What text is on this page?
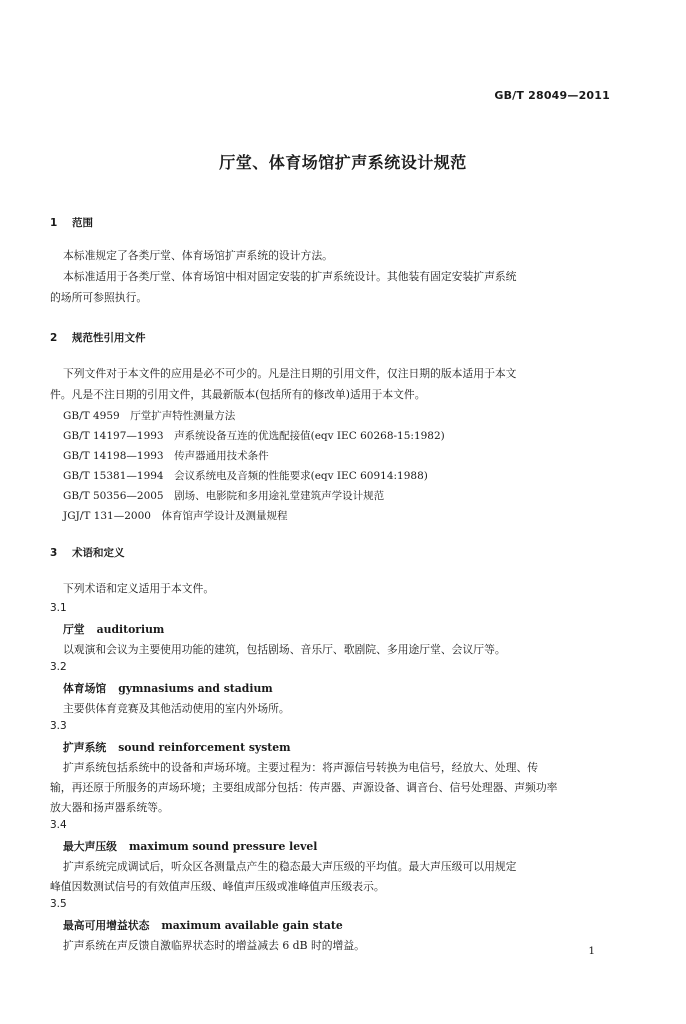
GB/T 28049—2011
厅堂、体育场馆扩声系统设计规范
1 范围
本标准规定了各类厅堂、体育场馆扩声系统的设计方法。
本标准适用于各类厅堂、体育场馆中相对固定安装的扩声系统设计。其他装有固定安装扩声系统
的场所可参照执行。
2 规范性引用文件
下列文件对于本文件的应用是必不可少的。凡是注日期的引用文件，仅注日期的版本适用于本文
件。凡是不注日期的引用文件，其最新版本(包括所有的修改单)适用于本文件。
GB/T 4959　厅堂扩声特性测量方法
GB/T 14197—1993　声系统设备互连的优选配接值(eqv IEC 60268-15:1982)
GB/T 14198—1993　传声器通用技术条件
GB/T 15381—1994　会议系统电及音频的性能要求(eqv IEC 60914:1988)
GB/T 50356—2005　剧场、电影院和多用途礼堂建筑声学设计规范
JGJ/T 131—2000　体育馆声学设计及测量规程
3 术语和定义
下列术语和定义适用于本文件。
3.1
厅堂 auditorium
以观演和会议为主要使用功能的建筑，包括剧场、音乐厅、歌剧院、多用途厅堂、会议厅等。
3.2
体育场馆 gymnasiums and stadium
主要供体育竞赛及其他活动使用的室内外场所。
3.3
扩声系统 sound reinforcement system
扩声系统包括系统中的设备和声场环境。主要过程为：将声源信号转换为电信号，经放大、处理、传
输，再还原于所服务的声场环境；主要组成部分包括：传声器、声源设备、调音台、信号处理器、声频功率
放大器和扬声器系统等。
3.4
最大声压级 maximum sound pressure level
扩声系统完成调试后，听众区各测量点产生的稳态最大声压级的平均值。最大声压级可以用规定
峰值因数测试信号的有效值声压级、峰值声压级或准峰值声压级表示。
3.5
最高可用增益状态 maximum available gain state
扩声系统在声反馈自激临界状态时的增益减去 6 dB 时的增益。	1
